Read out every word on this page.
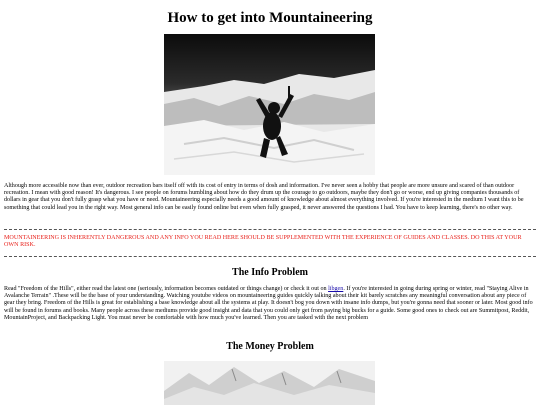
How to get into Mountaineering

Although more accessible now than ever, outdoor recreation bars itself off with its cost of entry in terms of dosh and information. I've never seen a hobby that people are more unsure and scared of than outdoor recreation. I mean with good reason! It's dangerous. I see people on forums humbling about how do they drum up the courage to go outdoors, maybe they don't go or worse, end up giving companies thousands of dollars in gear that you don't fully grasp what you have or need. Mountaineering especially needs a good amount of knowledge about almost everything involved. If you're interested in the medium I want this to be something that could lead you in the right way. Most general info can be easily found online but even when fully grasped, it never answered the questions I had. You have to keep learning, there's no other way.

MOUNTAINEERING IS INHERENTLY DANGEROUS AND ANY INFO YOU READ HERE SHOULD BE SUPPLEMENTED WITH THE EXPERIENCE OF GUIDES AND CLASSES. DO THIS AT YOUR OWN RISK.

The Info Problem

Read "Freedom of the Hills", either read the latest one (seriously, information becomes outdated or things change) or check it out on libgen. If you're interested in going during spring or winter, read "Staying Alive in Avalanche Terrain" .These will be the base of your understanding. Watching youtube videos on mountaineering guides quickly talking about their kit barely scratches any meaningful conversation about any piece of gear they bring. Freedom of the Hills is great for establishing a base knowledge about all the systems at play. It doesn't bog you down with insane info dumps, but you're gonna need that sooner or later. Most good info will be found in forums and books. Many people across these mediums provide good insight and data that you could only get from paying big bucks for a guide. Some good ones to check out are Summitpost, Reddit, MountainProject, and Backpacking Light. You must never be comfortable with how much you've learned. Then you are tasked with the next problem

The Money Problem
